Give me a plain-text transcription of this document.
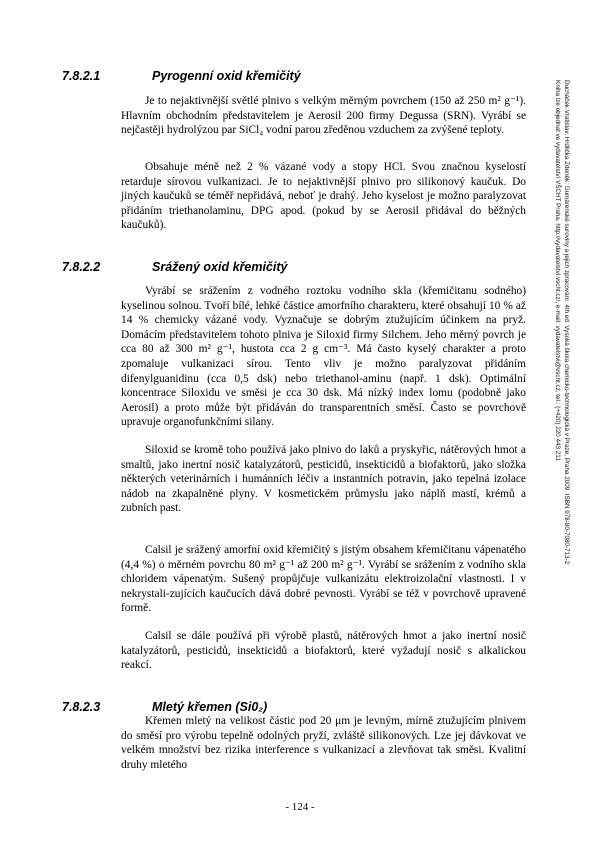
7.8.2.1	Pyrogenní oxid křemičitý

Je to nejaktivnější světlé plnivo s velkým měrným povrchem (150 až 250 m² g⁻¹). Hlavním obchodním představitelem je Aerosil 200 firmy Degussa (SRN). Vyrábí se nejčastěji hydrolýzou par SiCl₄ vodní parou zředěnou vzduchem za zvýšené teploty.

Obsahuje méně než 2 % vázané vody a stopy HCl. Svou značnou kyselostí retarduje sírovou vulkanizaci. Je to nejaktivnější plnivo pro silikonový kaučuk. Do jiných kaučuků se téměř nepřidává, neboť je drahý. Jeho kyselost je možno paralyzovat přidáním triethanolaminu, DPG apod. (pokud by se Aerosil přidával do běžných kaučuků).

7.8.2.2	Srážený oxid křemičitý

Vyrábí se srážením z vodného roztoku vodního skla (křemičitanu sodného) kyselinou solnou. Tvoří bílé, lehké částice amorfního charakteru, které obsahují 10 % až 14 % chemicky vázané vody. Vyznačuje se dobrým ztužujícím účinkem na pryž. Domácím představitelem tohoto plniva je Siloxid firmy Silchem. Jeho měrný povrch je cca 80 až 300 m² g⁻¹, hustota cca 2 g cm⁻³. Má často kyselý charakter a proto zpomaluje vulkanizaci sírou. Tento vliv je možno paralyzovat přidáním difenylguanidinu (cca 0,5 dsk) nebo triethanol-aminu (např. 1 dsk). Optimální koncentrace Siloxidu ve směsi je cca 30 dsk. Má nízký index lomu (podobně jako Aerosil) a proto může být přidáván do transparentních směsí. Často se povrchově upravuje organofunkčními silany.

Siloxid se kromě toho používá jako plnivo do laků a pryskyřic, nátěrových hmot a smaltů, jako inertní nosič katalyzátorů, pesticidů, insekticidů a biofaktorů, jako složka některých veterinárních i humánních léčiv a instantních potravin, jako tepelná izolace nádob na zkapalněné plyny. V kosmetickém průmyslu jako náplň mastí, krémů a zubních past.

Calsil je srážený amorfní oxid křemičitý s jistým obsahem křemičitanu vápenatého (4,4 %) o měrném povrchu 80 m² g⁻¹ až 200 m² g⁻¹. Vyrábí se srážením z vodního skla chloridem vápenatým. Sušený propůjčuje vulkanizátu elektroizolační vlastnosti. I v nekrystali-zujících kaučucích dává dobré pevnosti. Vyrábí se též v povrchově upravené formě.

Calsil se dále používá při výrobě plastů, nátěrových hmot a jako inertní nosič katalyzátorů, pesticidů, insekticidů a biofaktorů, které vyžadují nosič s alkalickou reakcí.

7.8.2.3	Mletý křemen (Si0₂)

Křemen mletý na velikost částic pod 20 μm je levným, mírně ztužujícím plnivem do směsí pro výrobu tepelně odolných pryží, zvláště silikonových. Lze jej dávkovat ve velkém množství bez rizika interference s vulkanizací a zlevňovat tak směsi. Kvalitní druhy mletého

- 124 -
Ducháček Vratislav, Hrdlička Zdeněk: Gumárenské suroviny a jejich zpracování. 4th ed. Vysoká škola chemicko-technologická v Praze, Praha 2009. ISBN 978-80-7080-713-2
Kniha lze objednat ve vydavatelství VŠCHT Praha, http://vydavatelstvi.vscht.cz/, e-mail: vydavatelstvi@vscht.cz, tel.: (+420) 220 443 211
